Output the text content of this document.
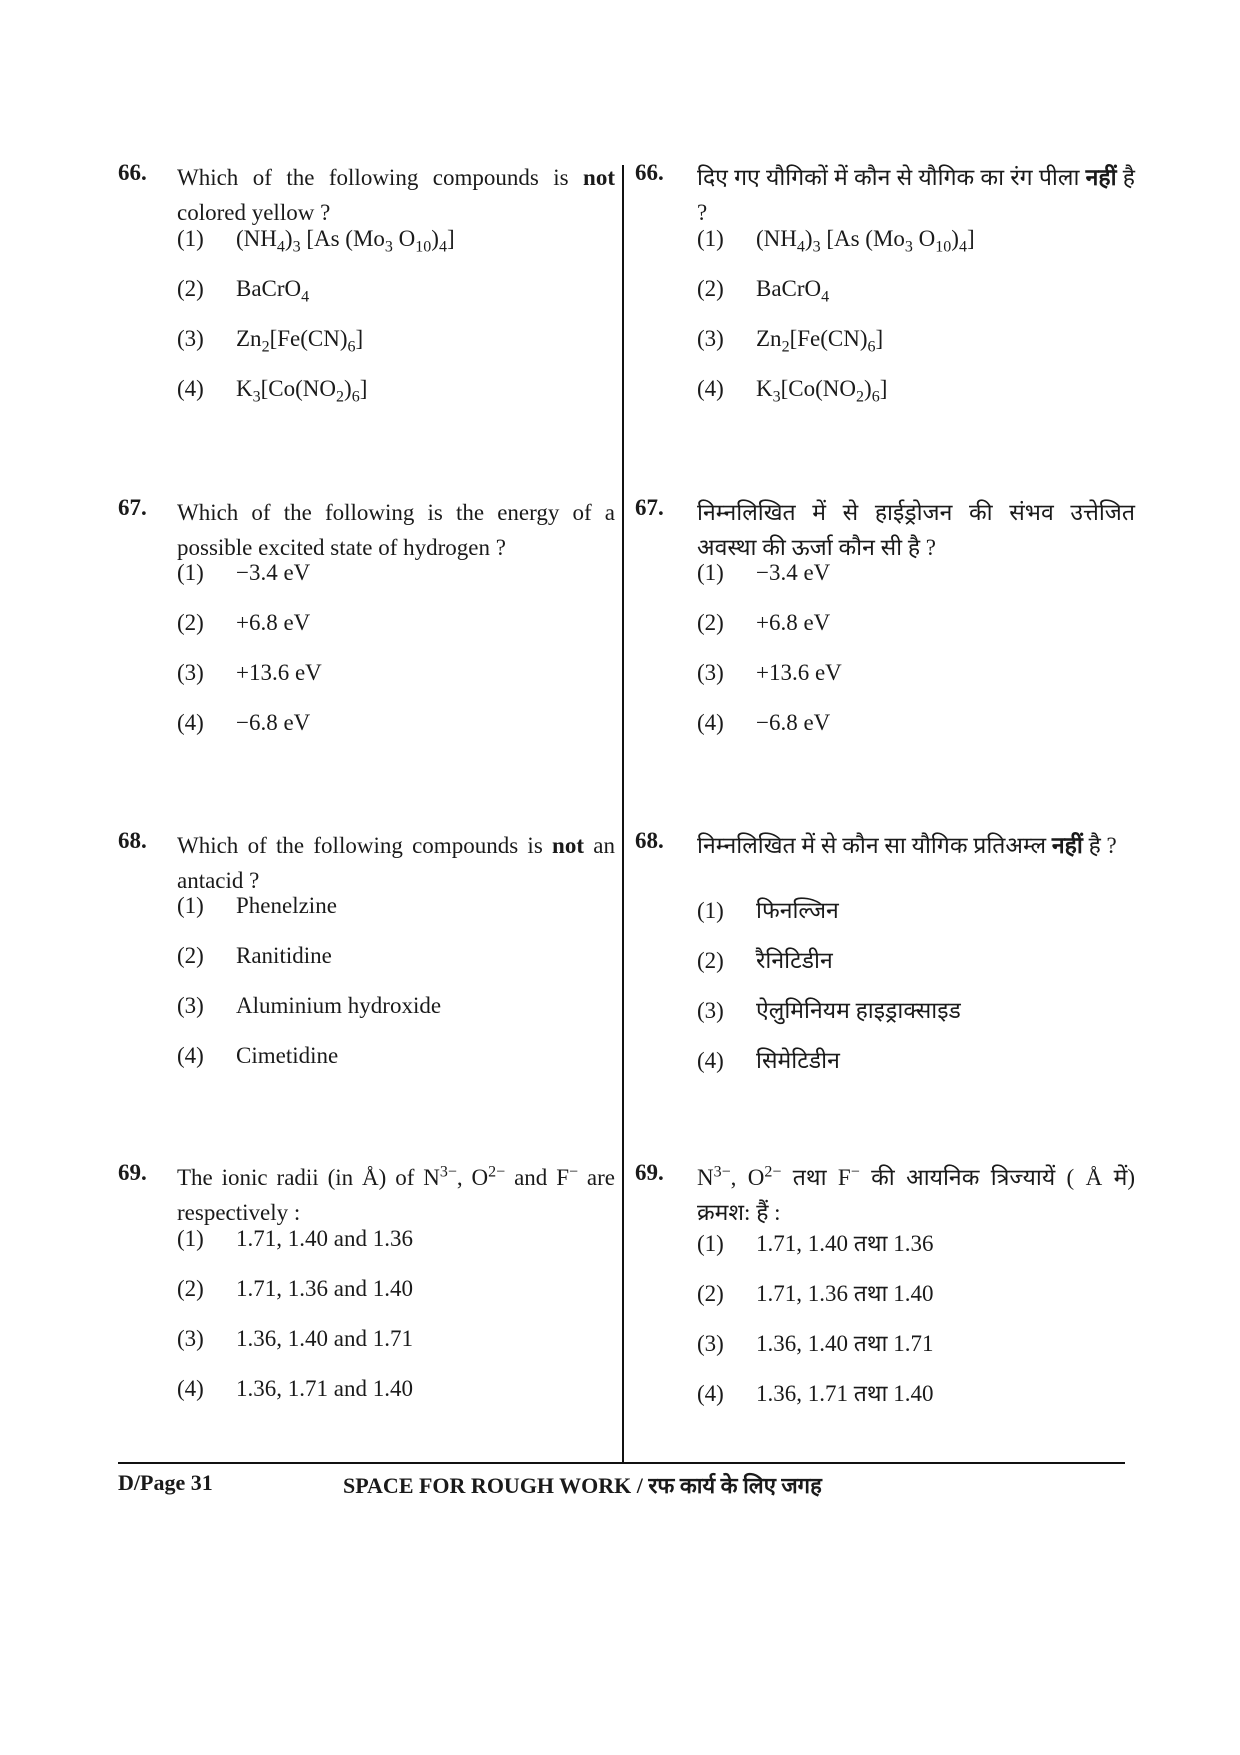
66. Which of the following compounds is not colored yellow ?
(1) $(NH_4)_3$ [As ($Mo_3$ $O_{10})_4$]
(2) BaCrO$_4$
(3) $Zn_2[Fe(CN)_6]$
(4) $K_3[Co(NO_2)_6]$
67. Which of the following is the energy of a possible excited state of hydrogen ?
(1) −3.4 eV
(2) +6.8 eV
(3) +13.6 eV
(4) −6.8 eV
68. Which of the following compounds is not an antacid ?
(1) Phenelzine
(2) Ranitidine
(3) Aluminium hydroxide
(4) Cimetidine
69. The ionic radii (in Å) of $N^{3-}$, $O^{2-}$ and F− are respectively :
(1) 1.71, 1.40 and 1.36
(2) 1.71, 1.36 and 1.40
(3) 1.36, 1.40 and 1.71
(4) 1.36, 1.71 and 1.40
66. दिए गए यौगिकों में कौन से यौगिक का रंग पीला नहीं है ?
(1) $(NH_4)_3$ [As ($Mo_3$ $O_{10})_4$]
(2) BaCrO$_4$
(3) $Zn_2[Fe(CN)_6]$
(4) $K_3[Co(NO_2)_6]$
67. निम्नलिखित में से हाईड्रोजन की संभव उत्तेजित अवस्था की ऊर्जा कौन सी है ?
(1) −3.4 eV
(2) +6.8 eV
(3) +13.6 eV
(4) −6.8 eV
68. निम्नलिखित में से कौन सा यौगिक प्रतिअम्ल नहीं है ?
(1) फिनल्जिन
(2) रैनिटिडीन
(3) ऐलुमिनियम हाइड्राक्साइड
(4) सिमेटिडीन
69. $N^{3-}$, $O^{2-}$ तथा F− की आयनिक त्रिज्यायें ( Å में) क्रमश: हैं :
(1) 1.71, 1.40 तथा 1.36
(2) 1.71, 1.36 तथा 1.40
(3) 1.36, 1.40 तथा 1.71
(4) 1.36, 1.71 तथा 1.40
D/Page 31	SPACE FOR ROUGH WORK / रफ कार्य के लिए जगह
